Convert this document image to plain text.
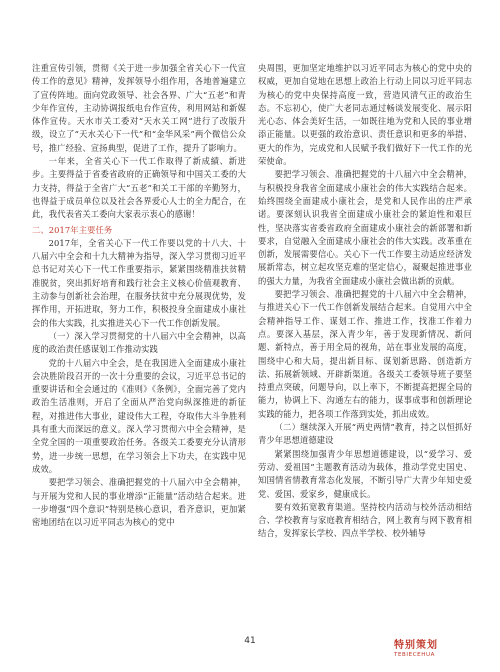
注重宣传引领，贯彻《关于进一步加强全省关心下一代宣传工作的意见》精神，发挥领导小组作用，各地普遍建立了宣传阵地。面向党政领导、社会各界、广大“五老”和青少年作宣传，主动协调报纸电台作宣传，利用网站和新媒体作宣传。天水市关工委对“天水关工网”进行了改版升级，设立了“天水关心下一代”和“金华风采”两个微信公众号，推广经验、宣扬典型，促进了工作，提升了影响力。

一年来，全省关心下一代工作取得了新成績、新进步。主要得益于省委省政府的正确领导和中国关工委的大力支持，得益于全省广大“五老”和关工干部的辛勤努力，也得益于成员单位以及社会各界爱心人士的全力配合，在此，我代表省关工委向大家表示衷心的感谢！

二、2017年主要任务

2017年，全省关心下一代工作要以党的十八大、十八届六中全会和十九大精神为指导，深入学习贯彻习近平总书记对关心下一代工作重要指示，紧紧围绕精准扶贫精准脱贫，突出抓好培育和践行社会主义核心价值观教育、主动参与创新社会治理，在服务扶贫中充分展现优势，发挥作用，开拓进取，努力工作，积极投身全面建成小康社会的伟大实践，扎实推进关心下一代工作创新发展。

（一）深入学习贯彻党的十八届六中全会精神，以高度的政治责任感谋划工作推动实践

党的十八届六中全会，是在我国进入全面建成小康社会决胜阶段召开的一次十分重要的会议，习近平总书记的重要讲话和全会通过的《准则》《条例》，全面完善了党内政治生活准则，开启了全面从严治党向纵深推进的新征程，对推进伟大事业，建设伟大工程，夺取伟大斗争胜利具有重大而深远的意义。深入学习贯彻六中全会精神，是全党全国的一项重要政治任务。各级关工委要充分认清形势，进一步统一思想，在学习领会上下功夫，在实践中见成效。

要把学习领会、准确把握党的十八届六中全会精神，与开展为党和人民的事业增添“正能量”活动结合起来。进一步增强“四个意识”特别是核心意识，看齐意识，更加紧密地团结在以习近平同志为核心的党中

央周围，更加坚定地维护以习近平同志为核心的党中央的权威，更加自觉地在思想上政治上行动上同以习近平同志为核心的党中央保持高度一致，营造风清气正的政治生态。不忘初心，使广大老同志通过畅谈发展变化、展示阳光心态、体会美好生活，一如既往地为党和人民的事业增添正能量。以更强的政治意识、责任意识和更多的举措、更大的作为，完成党和人民赋予我们做好下一代工作的光荣使命。

要把学习领会、准确把握党的十八届六中全会精神，与积极投身我省全面建成小康社会的伟大实践结合起来。始终围绕全面建成小康社会，是党和人民作出的庄严承诺。要深刻认识我省全面建成小康社会的紧迫性和艰巨性，坚决落实省委省政府全面建成小康社会的新部署和新要求，自觉融入全面建成小康社会的伟大实践。改革重在创新，发展需要信心。关心下一代工作要主动适应经济发展新常态，树立起攻坚克难的坚定信心，凝聚起推进事业的强大力量，为我省全面建成小康社会做出新的贡献。

要把学习领会、准确把握党的十八届六中全会精神，与推进关心下一代工作创新发展结合起来。自觉用六中全会精神指导工作、谋划工作、推进工作，找准工作着力点。要深入基层，深入青少年，善于发现新情况、新问题、新特点，善于用全局的视角，站在事业发展的高度，围绕中心和大局，提出新目标、谋划新思路、创造新方法、拓展新领域、开辟新渠道。各级关工委领导班子要坚持重点突破，问题导向，以上率下，不断提高把握全局的能力，协调上下、沟通左右的能力，谋事成事和创新理论实践的能力，把各项工作落到实处，抓出成效。

（二）继续深入开展“两史两情”教育，持之以恒抓好青少年思想道德建设

紧紧围绕加强青少年思想道德建设，以“爱学习、爱劳动、爱祖国”主题教育活动为载体，推动学党史国史、知国情省情教育常态化发展，不断引导广大青少年知史爱党、爱国、爱家乡，健康成长。

要有效拓宽教育渠道。坚持校内活动与校外活动相结合、学校教育与家庭教育相结合，网上教育与网下教育相结合，发挥家长学校、四点半学校、校外辅导

41	特别策划
TEBIECEHUA
